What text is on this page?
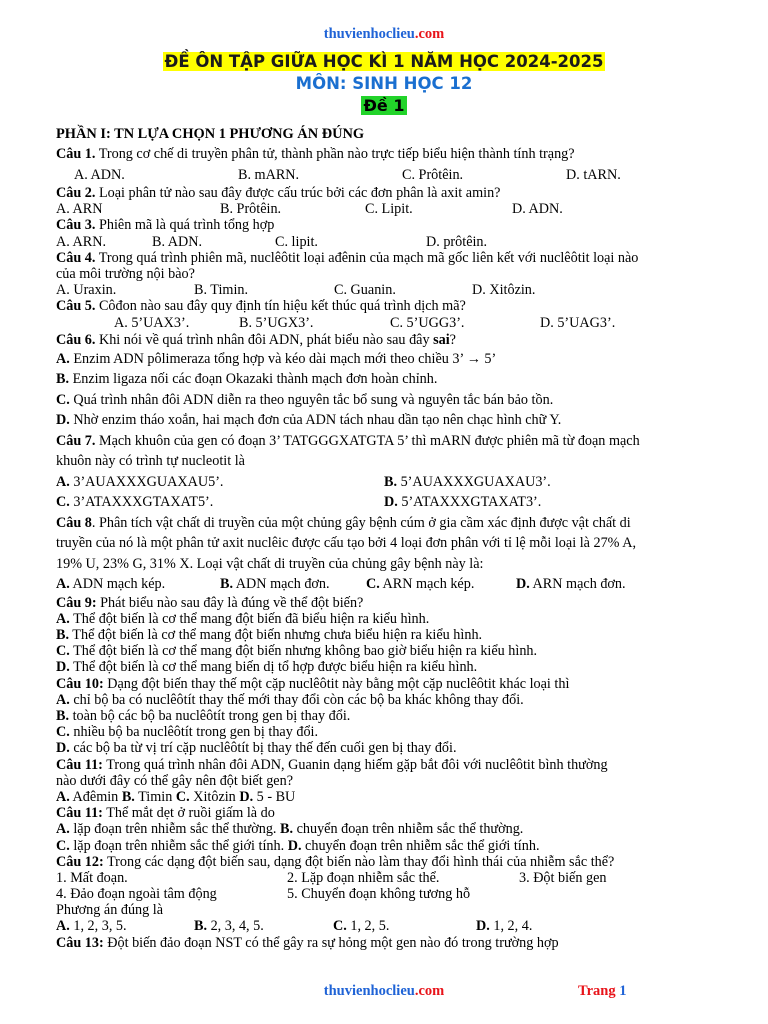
thuvienhoclieu.com
ĐỀ ÔN TẬP GIỮA HỌC KÌ 1 NĂM HỌC 2024-2025
MÔN: SINH HỌC 12
Đề 1
PHẦN I: TN LỰA CHỌN 1 PHƯƠNG ÁN ĐÚNG
Câu 1. Trong cơ chế di truyền phân tử, thành phần nào trực tiếp biểu hiện thành tính trạng?
A. ADN.	B. mARN.	C. Prôtêin.	D. tARN.
Câu 2. Loại phân tử nào sau đây được cấu trúc bởi các đơn phân là axit amin?
A. ARN	B. Prôtêin.	C. Lipit.	D. ADN.
Câu 3. Phiên mã là quá trình tổng hợp
A. ARN.	B. ADN.	C. lipit.	D. prôtêin.
Câu 4. Trong quá trình phiên mã, nuclêôtit loại ađênin của mạch mã gốc liên kết với nuclêôtit loại nào
của môi trường nội bào?
A. Uraxin.	B. Timin.	C. Guanin.	D. Xitôzin.
Câu 5. Côđon nào sau đây quy định tín hiệu kết thúc quá trình dịch mã?
A. 5’UAX3’.	B. 5’UGX3’.	C. 5’UGG3’.	D. 5’UAG3’.
Câu 6. Khi nói về quá trình nhân đôi ADN, phát biểu nào sau đây sai?
A. Enzim ADN pôlimeraza tổng hợp và kéo dài mạch mới theo chiều 3’ → 5’
B. Enzim ligaza nối các đoạn Okazaki thành mạch đơn hoàn chỉnh.
C. Quá trình nhân đôi ADN diễn ra theo nguyên tắc bổ sung và nguyên tắc bán bảo tồn.
D. Nhờ enzim tháo xoắn, hai mạch đơn của ADN tách nhau dần tạo nên chạc hình chữ Y.
Câu 7. Mạch khuôn của gen có đoạn 3’ TATGGGXATGTA 5’ thì mARN được phiên mã từ đoạn mạch
khuôn này có trình tự nucleotit là
A. 3’AUAXXXGUAXAU5’.	B. 5’AUAXXXGUAXAU3’.
C. 3’ATAXXXGTAXAT5’.	D. 5’ATAXXXGTAXAT3’.
Câu 8. Phân tích vật chất di truyền của một chủng gây bệnh cúm ở gia cầm xác định được vật chất di
truyền của nó là một phân tử axit nuclêic được cấu tạo bởi 4 loại đơn phân với tỉ lệ mỗi loại là 27% A,
19% U, 23% G, 31% X. Loại vật chất di truyền của chủng gây bệnh này là:
A. ADN mạch kép.	B. ADN mạch đơn.	C. ARN mạch kép.	D. ARN mạch đơn.
Câu 9: Phát biểu nào sau đây là đúng về thể đột biến?
A. Thể đột biến là cơ thể mang đột biến đã biểu hiện ra kiểu hình.
B. Thể đột biến là cơ thể mang đột biến nhưng chưa biểu hiện ra kiểu hình.
C. Thể đột biến là cơ thể mang đột biến nhưng không bao giờ biểu hiện ra kiểu hình.
D. Thể đột biến là cơ thể mang biến dị tổ hợp được biểu hiện ra kiểu hình.
Câu 10: Dạng đột biến thay thế một cặp nuclêôtit này bằng một cặp nuclêôtit khác loại thì
A. chỉ bộ ba có nuclêôtít thay thế mới thay đổi còn các bộ ba khác không thay đổi.
B. toàn bộ các bộ ba nuclêôtít trong gen bị thay đổi.
C. nhiều bộ ba nuclêôtít trong gen bị thay đổi.
D. các bộ ba từ vị trí cặp nuclêôtít bị thay thế đến cuối gen bị thay đổi.
Câu 11: Trong quá trình nhân đôi ADN, Guanin dạng hiếm gặp bắt đôi với nuclêôtit bình thường
nào dưới đây có thể gây nên đột biết gen?
A. Ađêmin B. Timin C. Xitôzin D. 5 - BU
Câu 11: Thể mắt dẹt ở ruồi giấm là do
A. lặp đoạn trên nhiễm sắc thể thường. B. chuyển đoạn trên nhiễm sắc thể thường.
C. lặp đoạn trên nhiễm sắc thể giới tính. D. chuyển đoạn trên nhiễm sắc thể giới tính.
Câu 12: Trong các dạng đột biến sau, dạng đột biến nào làm thay đổi hình thái của nhiễm sắc thể?
1. Mất đoạn.	2. Lặp đoạn nhiễm sắc thể.	3. Đột biến gen
4. Đảo đoạn ngoài tâm động	5. Chuyển đoạn không tương hỗ
Phương án đúng là
A. 1, 2, 3, 5.	B. 2, 3, 4, 5.	C. 1, 2, 5.	D. 1, 2, 4.
Câu 13: Đột biến đảo đoạn NST có thể gây ra sự hỏng một gen nào đó trong trường hợp
thuvienhoclieu.com	Trang 1
